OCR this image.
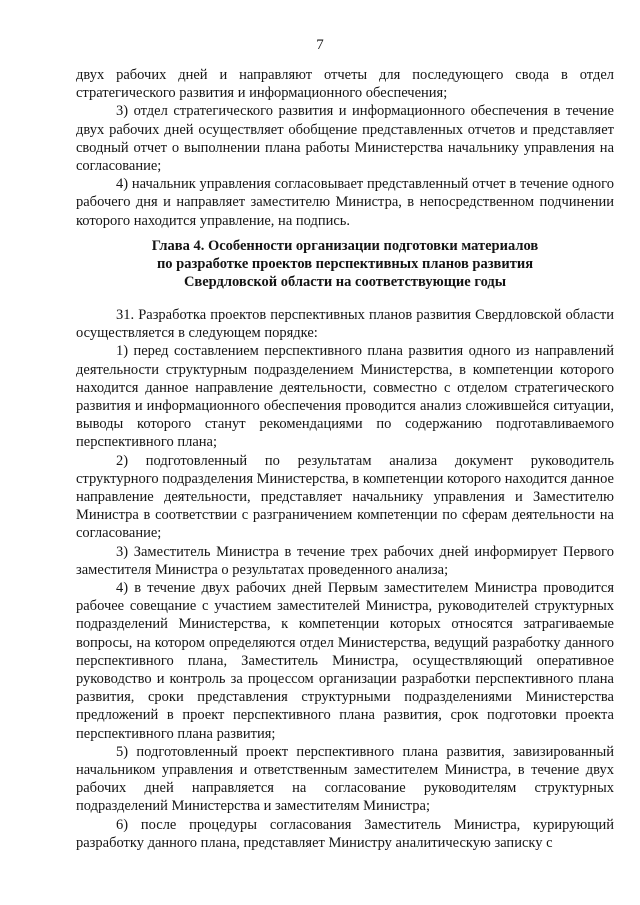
7

двух рабочих дней и направляют отчеты для последующего свода в отдел стратегического развития и информационного обеспечения;

3) отдел стратегического развития и информационного обеспечения в течение двух рабочих дней осуществляет обобщение представленных отчетов и представляет сводный отчет о выполнении плана работы Министерства начальнику управления на согласование;

4) начальник управления согласовывает представленный отчет в течение одного рабочего дня и направляет заместителю Министра, в непосредственном подчинении которого находится управление, на подпись.

Глава 4. Особенности организации подготовки материалов
по разработке проектов перспективных планов развития
Свердловской области на соответствующие годы

31. Разработка проектов перспективных планов развития Свердловской области осуществляется в следующем порядке:

1) перед составлением перспективного плана развития одного из направлений деятельности структурным подразделением Министерства, в компетенции которого находится данное направление деятельности, совместно с отделом стратегического развития и информационного обеспечения проводится анализ сложившейся ситуации, выводы которого станут рекомендациями по содержанию подготавливаемого перспективного плана;

2) подготовленный по результатам анализа документ руководитель структурного подразделения Министерства, в компетенции которого находится данное направление деятельности, представляет начальнику управления и Заместителю Министра в соответствии с разграничением компетенции по сферам деятельности на согласование;

3) Заместитель Министра в течение трех рабочих дней информирует Первого заместителя Министра о результатах проведенного анализа;

4) в течение двух рабочих дней Первым заместителем Министра проводится рабочее совещание с участием заместителей Министра, руководителей структурных подразделений Министерства, к компетенции которых относятся затрагиваемые вопросы, на котором определяются отдел Министерства, ведущий разработку данного перспективного плана, Заместитель Министра, осуществляющий оперативное руководство и контроль за процессом организации разработки перспективного плана развития, сроки представления структурными подразделениями Министерства предложений в проект перспективного плана развития, срок подготовки проекта перспективного плана развития;

5) подготовленный проект перспективного плана развития, завизированный начальником управления и ответственным заместителем Министра, в течение двух рабочих дней направляется на согласование руководителям структурных подразделений Министерства и заместителям Министра;

6) после процедуры согласования Заместитель Министра, курирующий разработку данного плана, представляет Министру аналитическую записку с
